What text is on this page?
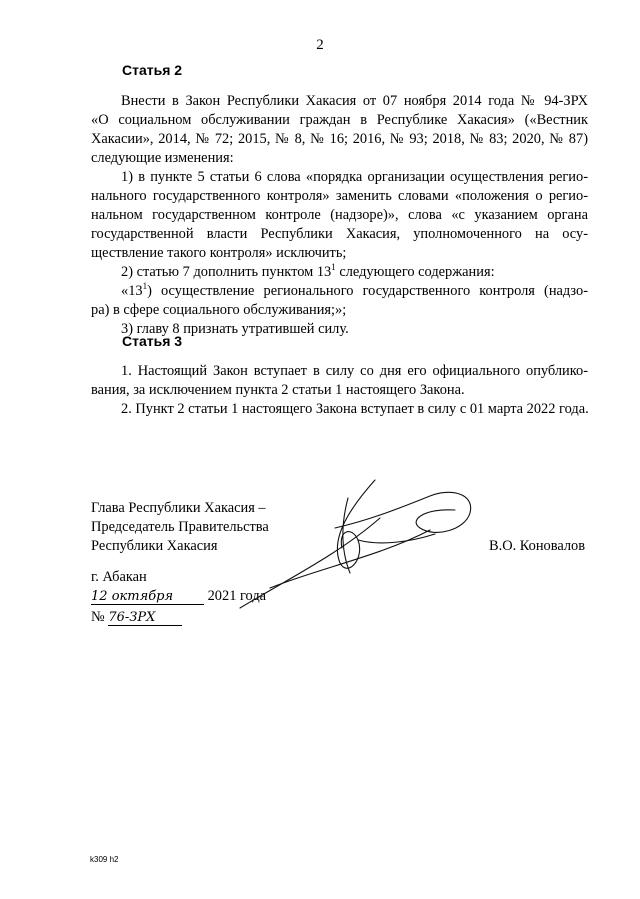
2
Статья 2
Внести в Закон Республики Хакасия от 07 ноября 2014 года № 94-ЗРХ
«О социальном обслуживании граждан в Республике Хакасия» («Вестник
Хакасии», 2014, № 72; 2015, № 8, № 16; 2016, № 93; 2018, № 83; 2020, № 87)
следующие изменения:
1) в пункте 5 статьи 6 слова «порядка организации осуществления регио-
нального государственного контроля» заменить словами «положения о регио-
нальном государственном контроле (надзоре)», слова «с указанием органа
государственной власти Республики Хакасия, уполномоченного на осу-
ществление такого контроля» исключить;
2) статью 7 дополнить пунктом $13^1$ следующего содержания:
«$13^1$) осуществление регионального государственного контроля (надзо-
ра) в сфере социального обслуживания;»;
3) главу 8 признать утратившей силу.
Статья 3
1. Настоящий Закон вступает в силу со дня его официального опублико-
вания, за исключением пункта 2 статьи 1 настоящего Закона.
2. Пункт 2 статьи 1 настоящего Закона вступает в силу с 01 марта 2022 года.
Глава Республики Хакасия –
Председатель Правительства
Республики Хакасия	В.О. Коновалов
г. Абакан
12 октября 2021 года
№ 76-ЗРХ
k309 h2
